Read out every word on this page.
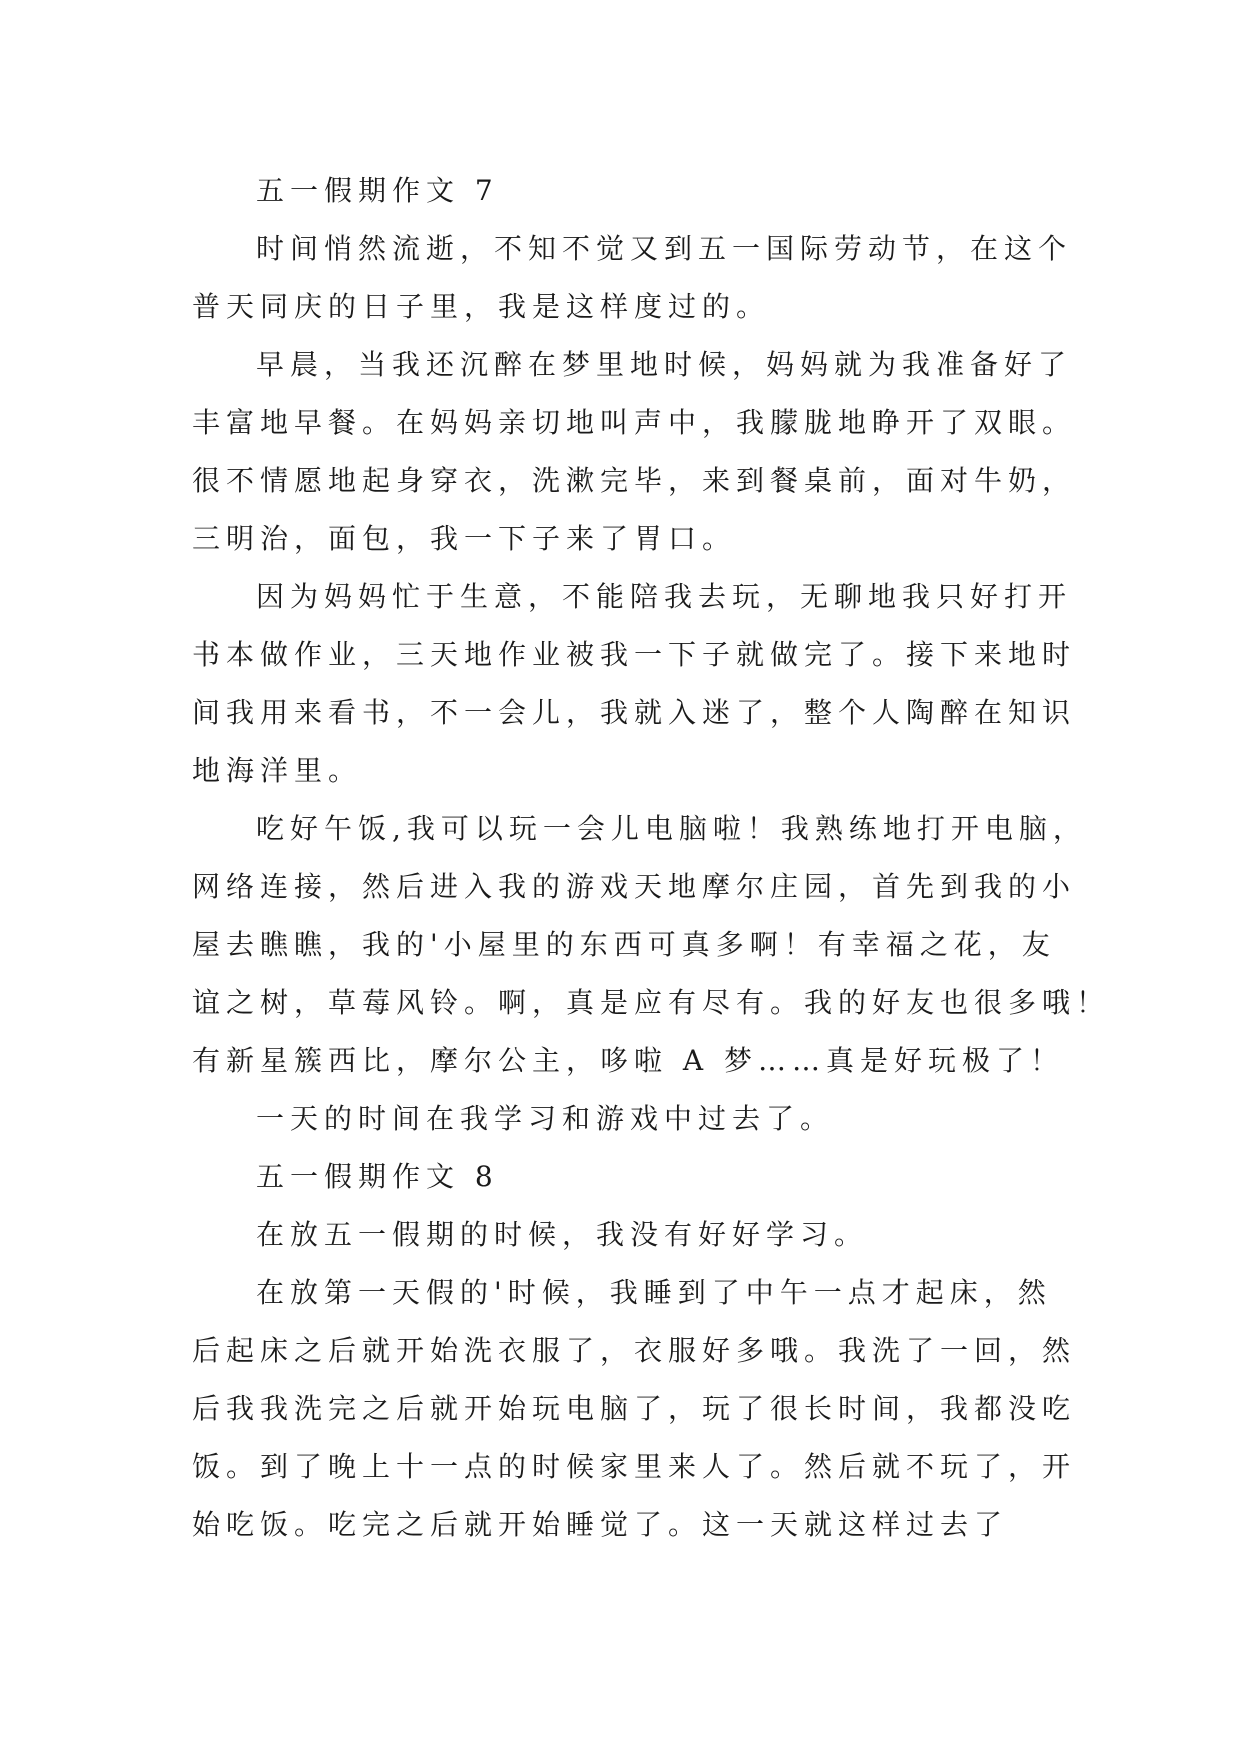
五一假期作文 7
时间悄然流逝，不知不觉又到五一国际劳动节，在这个
普天同庆的日子里，我是这样度过的。
早晨，当我还沉醉在梦里地时候，妈妈就为我准备好了
丰富地早餐。在妈妈亲切地叫声中，我朦胧地睁开了双眼。
很不情愿地起身穿衣，洗漱完毕，来到餐桌前，面对牛奶，
三明治，面包，我一下子来了胃口。
因为妈妈忙于生意，不能陪我去玩，无聊地我只好打开
书本做作业，三天地作业被我一下子就做完了。接下来地时
间我用来看书，不一会儿，我就入迷了，整个人陶醉在知识
地海洋里。
吃好午饭,我可以玩一会儿电脑啦！我熟练地打开电脑，
网络连接，然后进入我的游戏天地摩尔庄园，首先到我的小
屋去瞧瞧，我的'小屋里的东西可真多啊！有幸福之花，友
谊之树，草莓风铃。啊，真是应有尽有。我的好友也很多哦！
有新星簇西比，摩尔公主，哆啦 A 梦……真是好玩极了！
一天的时间在我学习和游戏中过去了。
五一假期作文 8
在放五一假期的时候，我没有好好学习。
在放第一天假的'时候，我睡到了中午一点才起床，然
后起床之后就开始洗衣服了，衣服好多哦。我洗了一回，然
后我我洗完之后就开始玩电脑了，玩了很长时间，我都没吃
饭。到了晚上十一点的时候家里来人了。然后就不玩了，开
始吃饭。吃完之后就开始睡觉了。这一天就这样过去了
